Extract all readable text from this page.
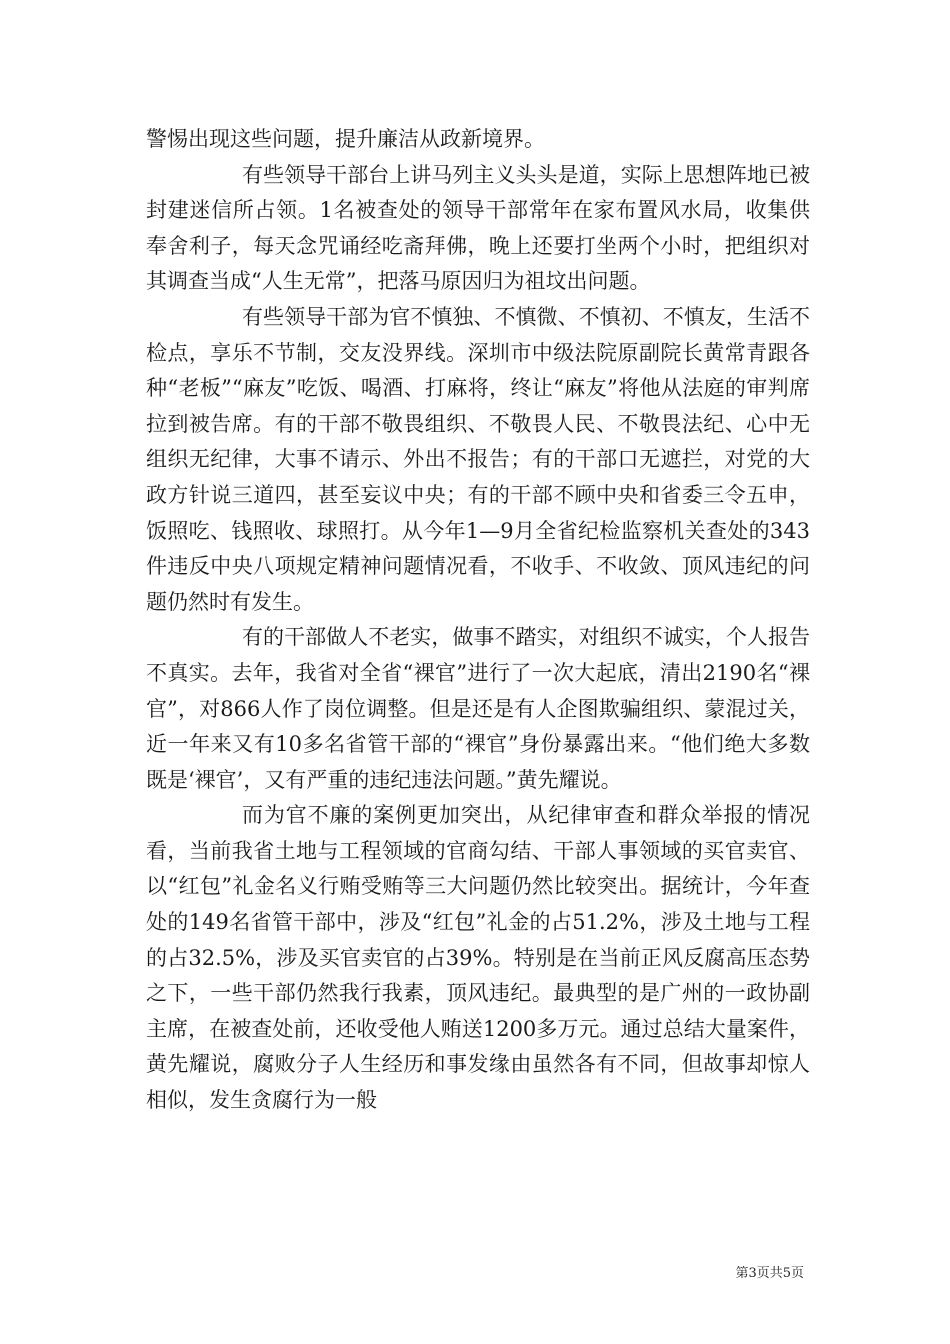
警惕出现这些问题，提升廉洁从政新境界。

有些领导干部台上讲马列主义头头是道，实际上思想阵地已被封建迷信所占领。1名被查处的领导干部常年在家布置风水局，收集供奉舍利子，每天念咒诵经吃斋拜佛，晚上还要打坐两个小时，把组织对其调查当成“人生无常”，把落马原因归为祖坟出问题。

有些领导干部为官不慎独、不慎微、不慎初、不慎友，生活不检点，享乐不节制，交友没界线。深圳市中级法院原副院长黄常青跟各种“老板”“麻友”吃饭、喝酒、打麻将，终让“麻友”将他从法庭的审判席拉到被告席。有的干部不敬畏组织、不敬畏人民、不敬畏法纪、心中无组织无纪律，大事不请示、外出不报告；有的干部口无遮拦，对党的大政方针说三道四，甚至妄议中央；有的干部不顾中央和省委三令五申，饭照吃、钱照收、球照打。从今年1—9月全省纪检监察机关查处的343件违反中央八项规定精神问题情况看，不收手、不收敛、顶风违纪的问题仍然时有发生。

有的干部做人不老实，做事不踏实，对组织不诚实，个人报告不真实。去年，我省对全省“裸官”进行了一次大起底，清出2190名“裸官”，对866人作了岗位调整。但是还是有人企图欺骗组织、蒙混过关，近一年来又有10多名省管干部的“裸官”身份暴露出来。“他们绝大多数既是‘裸官’，又有严重的违纪违法问题。”黄先耀说。

而为官不廉的案例更加突出，从纪律审查和群众举报的情况看，当前我省土地与工程领域的官商勾结、干部人事领域的买官卖官、以“红包”礼金名义行贿受贿等三大问题仍然比较突出。据统计，今年查处的149名省管干部中，涉及“红包”礼金的占51.2%，涉及土地与工程的占32.5%，涉及买官卖官的占39%。特别是在当前正风反腐高压态势之下，一些干部仍然我行我素，顶风违纪。最典型的是广州的一政协副主席，在被查处前，还收受他人贿送1200多万元。通过总结大量案件，黄先耀说，腐败分子人生经历和事发缘由虽然各有不同，但故事却惊人相似，发生贪腐行为一般

第3页共5页
